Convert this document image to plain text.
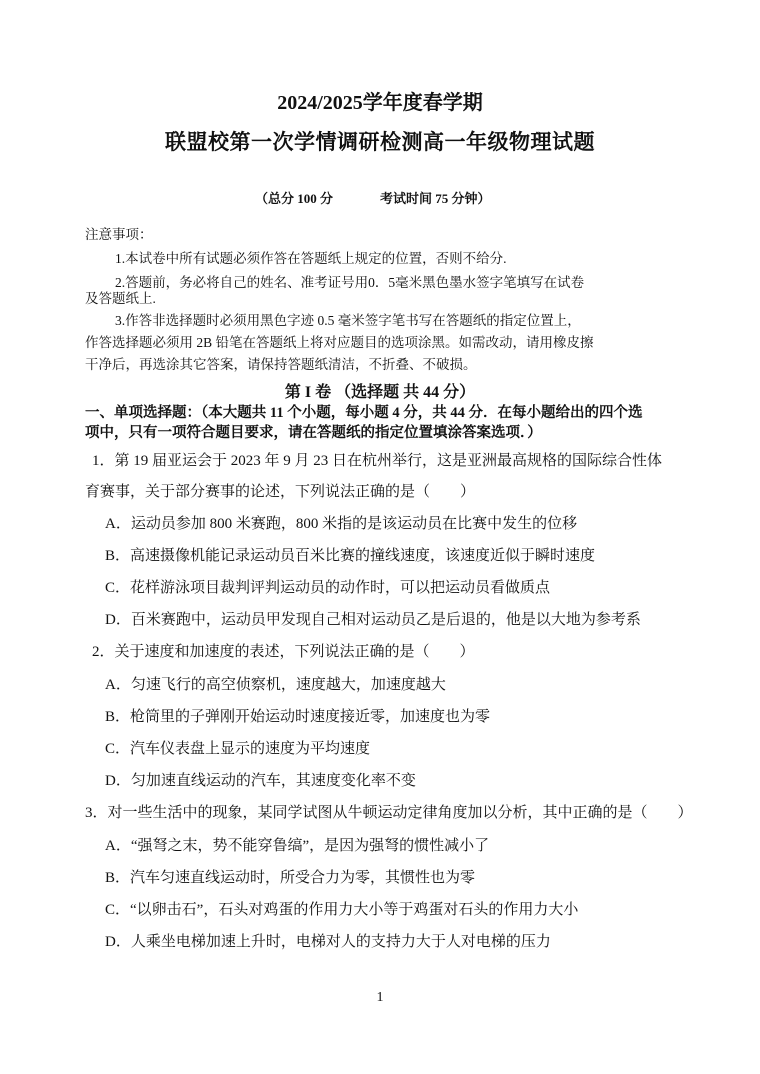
2024/2025学年度春学期
联盟校第一次学情调研检测高一年级物理试题
（总分 100 分	考试时间 75 分钟）
注意事项：
1.本试卷中所有试题必须作答在答题纸上规定的位置，否则不给分.
2.答题前，务必将自己的姓名、准考证号用0．5毫米黑色墨水签字笔填写在试卷
及答题纸上.
3.作答非选择题时必须用黑色字迹 0.5 毫米签字笔书写在答题纸的指定位置上，
作答选择题必须用 2B 铅笔在答题纸上将对应题目的选项涂黑。如需改动，请用橡皮擦
干净后，再选涂其它答案，请保持答题纸清洁，不折叠、不破损。
第 I 卷 （选择题 共 44 分）
一、单项选择题：（本大题共 11 个小题，每小题 4 分，共 44 分．在每小题给出的四个选
项中，只有一项符合题目要求，请在答题纸的指定位置填涂答案选项．）
1．第 19 届亚运会于 2023 年 9 月 23 日在杭州举行，这是亚洲最高规格的国际综合性体
育赛事，关于部分赛事的论述，下列说法正确的是（　　）
A．运动员参加 800 米赛跑，800 米指的是该运动员在比赛中发生的位移
B．高速摄像机能记录运动员百米比赛的撞线速度，该速度近似于瞬时速度
C．花样游泳项目裁判评判运动员的动作时，可以把运动员看做质点
D．百米赛跑中，运动员甲发现自己相对运动员乙是后退的，他是以大地为参考系
2．关于速度和加速度的表述，下列说法正确的是（　　）
A．匀速飞行的高空侦察机，速度越大，加速度越大
B．枪筒里的子弹刚开始运动时速度接近零，加速度也为零
C．汽车仪表盘上显示的速度为平均速度
D．匀加速直线运动的汽车，其速度变化率不变
3．对一些生活中的现象，某同学试图从牛顿运动定律角度加以分析，其中正确的是（　　）
A．“强弩之末，势不能穿鲁缟”，是因为强弩的惯性减小了
B．汽车匀速直线运动时，所受合力为零，其惯性也为零
C．“以卵击石”，石头对鸡蛋的作用力大小等于鸡蛋对石头的作用力大小
D．人乘坐电梯加速上升时，电梯对人的支持力大于人对电梯的压力
1
